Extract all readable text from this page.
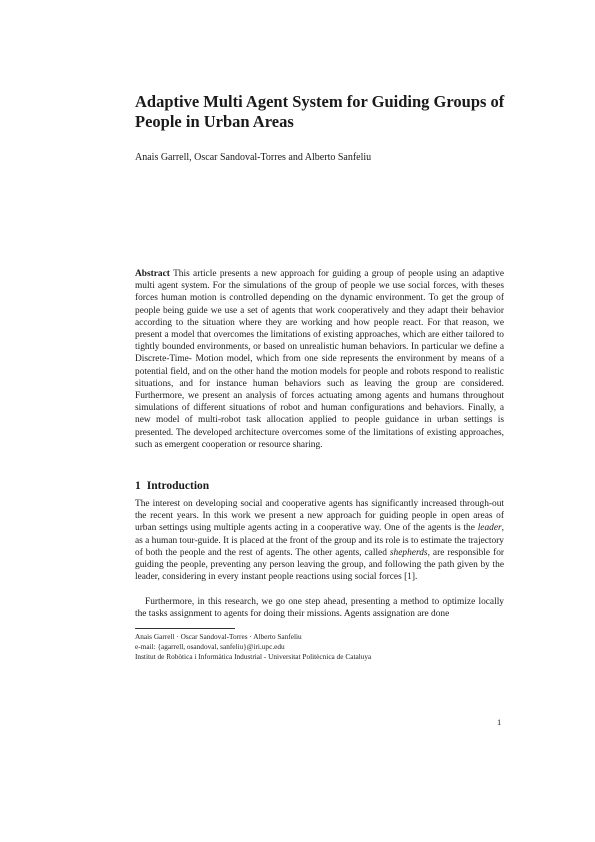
Adaptive Multi Agent System for Guiding Groups of People in Urban Areas
Anais Garrell, Oscar Sandoval-Torres and Alberto Sanfeliu

Abstract This article presents a new approach for guiding a group of people using an adaptive multi agent system. For the simulations of the group of people we use social forces, with theses forces human motion is controlled depending on the dynamic environment. To get the group of people being guide we use a set of agents that work cooperatively and they adapt their behavior according to the situation where they are working and how people react. For that reason, we present a model that overcomes the limitations of existing approaches, which are either tailored to tightly bounded environments, or based on unrealistic human behaviors. In particular we define a Discrete-Time- Motion model, which from one side represents the environment by means of a potential field, and on the other hand the motion models for people and robots respond to realistic situations, and for instance human behaviors such as leaving the group are considered. Furthermore, we present an analysis of forces actuating among agents and humans throughout simulations of different situations of robot and human configurations and behaviors. Finally, a new model of multi-robot task allocation applied to people guidance in urban settings is presented. The developed architecture overcomes some of the limitations of existing approaches, such as emergent cooperation or resource sharing.

1 Introduction

The interest on developing social and cooperative agents has significantly increased through-out the recent years. In this work we present a new approach for guiding people in open areas of urban settings using multiple agents acting in a cooperative way. One of the agents is the leader, as a human tour-guide. It is placed at the front of the group and its role is to estimate the trajectory of both the people and the rest of agents. The other agents, called shepherds, are responsible for guiding the people, preventing any person leaving the group, and following the path given by the leader, considering in every instant people reactions using social forces [1].

Furthermore, in this research, we go one step ahead, presenting a method to optimize locally the tasks assignment to agents for doing their missions. Agents assignation are done

Anais Garrell · Oscar Sandoval-Torres · Alberto Sanfeliu
e-mail: {agarrell, osandoval, sanfeliu}@iri.upc.edu
Institut de Robòtica i Informàtica Industrial - Universitat Politècnica de Cataluya
1
